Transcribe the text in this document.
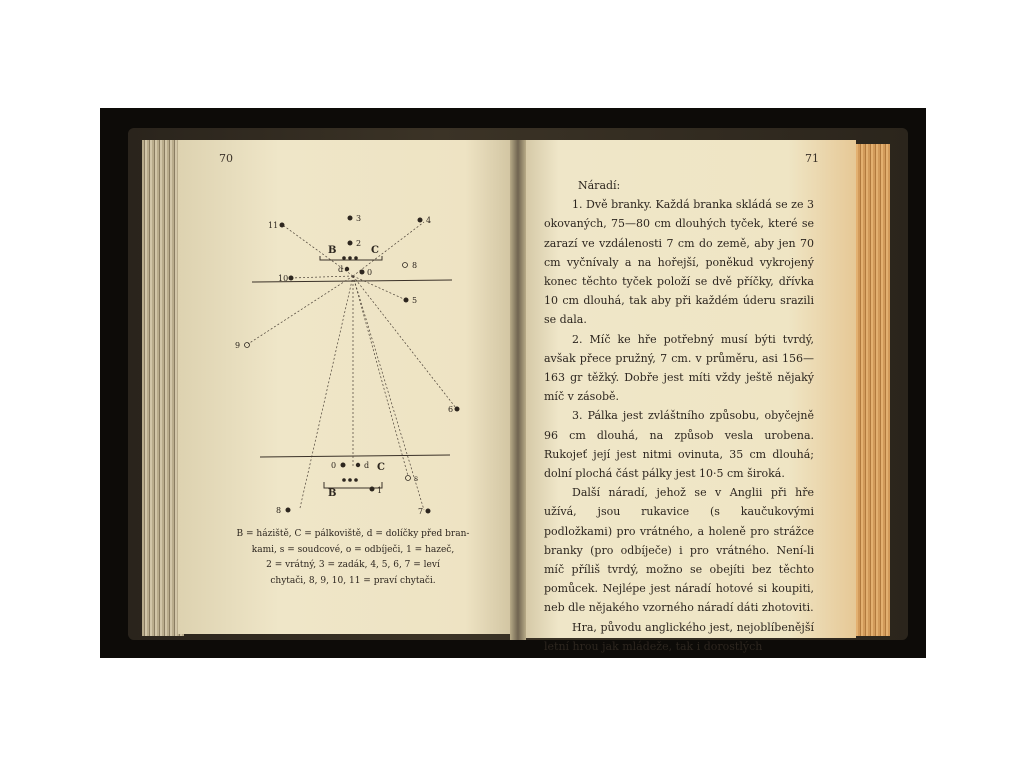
70
3	4
11
2
B	C
d	0
8
10
5
9
6
0	d C
B	1
s
8	7
B = háziště, C = pálkoviště, d = dolíčky před bran-
kami, s = soudcové, o = odbíječi, 1 = hazeč,
2 = vrátný, 3 = zadák, 4, 5, 6, 7 = leví
chytači, 8, 9, 10, 11 = praví chytači.
71

Náradí:

1. Dvě branky. Každá branka skládá se ze 3 okovaných, 75—80 cm dlouhých tyček, které se zarazí ve vzdálenosti 7 cm do země, aby jen 70 cm vyčnívaly a na hořejší, poněkud vykrojený konec těchto tyček položí se dvě příčky, dřívka 10 cm dlouhá, tak aby při každém úderu srazili se dala.

2. Míč ke hře potřebný musí býti tvrdý, avšak přece pružný, 7 cm. v průměru, asi 156—163 gr těžký. Dobře jest míti vždy ještě nějaký míč v zásobě.

3. Pálka jest zvláštního způsobu, obyčejně 96 cm dlouhá, na způsob vesla urobena. Rukojeť její jest nitmi ovinuta, 35 cm dlouhá; dolní plochá část pálky jest 10·5 cm široká.

Další náradí, jehož se v Anglii při hře užívá, jsou rukavice (s kaučukovými podložkami) pro vrátného, a holeně pro strážce branky (pro odbíječe) i pro vrátného. Není-li míč příliš tvrdý, možno se obejíti bez těchto pomůcek. Nejlépe jest náradí hotové si koupiti, neb dle nějakého vzorného náradí dáti zhotoviti.

Hra, původu anglického jest, nejoblíbenější letní hrou jak mládeže, tak i dorostlých
